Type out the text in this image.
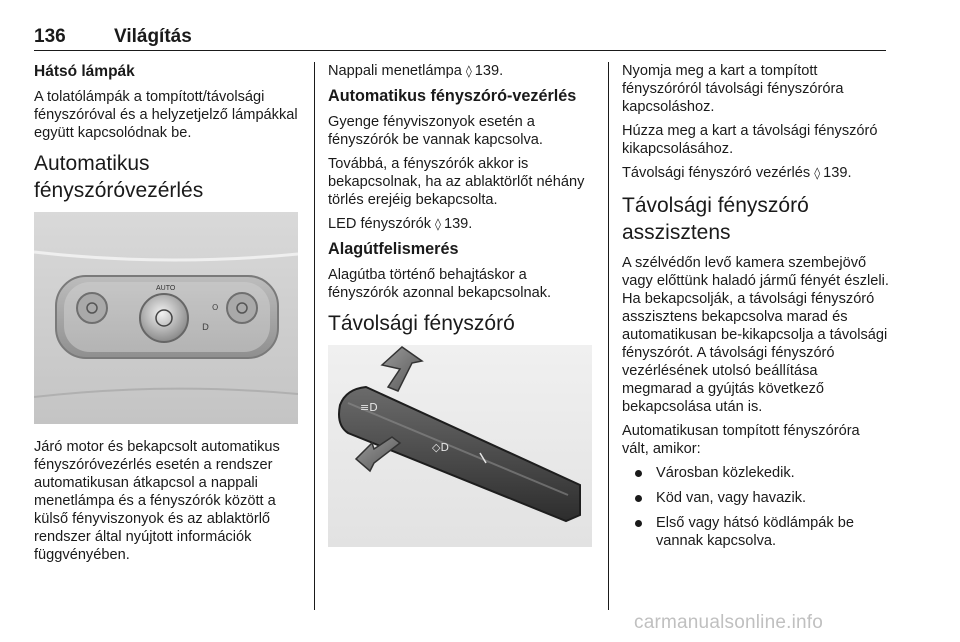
136	Világítás
Hátsó lámpák

A tolatólámpák a tompított/távolsági fényszóróval és a helyzetjelző lámpákkal együtt kapcsolódnak be.

Automatikus fényszóróvezérlés
AUTO
D
O

Járó motor és bekapcsolt automatikus fényszóróvezérlés esetén a rendszer automatikusan átkapcsol a nappali menetlámpa és a fényszórók között a külső fényviszonyok és az ablaktörlő rendszer által nyújtott információk függvényében.

Nappali menetlámpa ◊ 139.

Automatikus fényszóró-vezérlés

Gyenge fényviszonyok esetén a fényszórók be vannak kapcsolva.

Továbbá, a fényszórók akkor is bekapcsolnak, ha az ablaktörlőt néhány törlés erejéig bekapcsolta.

LED fényszórók ◊ 139.

Alagútfelismerés

Alagútba történő behajtáskor a fényszórók azonnal bekapcsolnak.

Távolsági fényszóró
≡D
◇D

Nyomja meg a kart a tompított fényszóróról távolsági fényszóróra kapcsoláshoz.

Húzza meg a kart a távolsági fényszóró kikapcsolásához.

Távolsági fényszóró vezérlés ◊ 139.

Távolsági fényszóró asszisztens

A szélvédőn levő kamera szembejövő vagy előttünk haladó jármű fényét észleli. Ha bekapcsolják, a távolsági fényszóró asszisztens bekapcsolva marad és automatikusan be-kikapcsolja a távolsági fényszórót. A távolsági fényszóró vezérlésének utolsó beállítása megmarad a gyújtás következő bekapcsolása után is.

Automatikusan tompított fényszóróra vált, amikor:

Városban közlekedik.
Köd van, vagy havazik.
Első vagy hátsó ködlámpák be vannak kapcsolva.
carmanualsonline.info
